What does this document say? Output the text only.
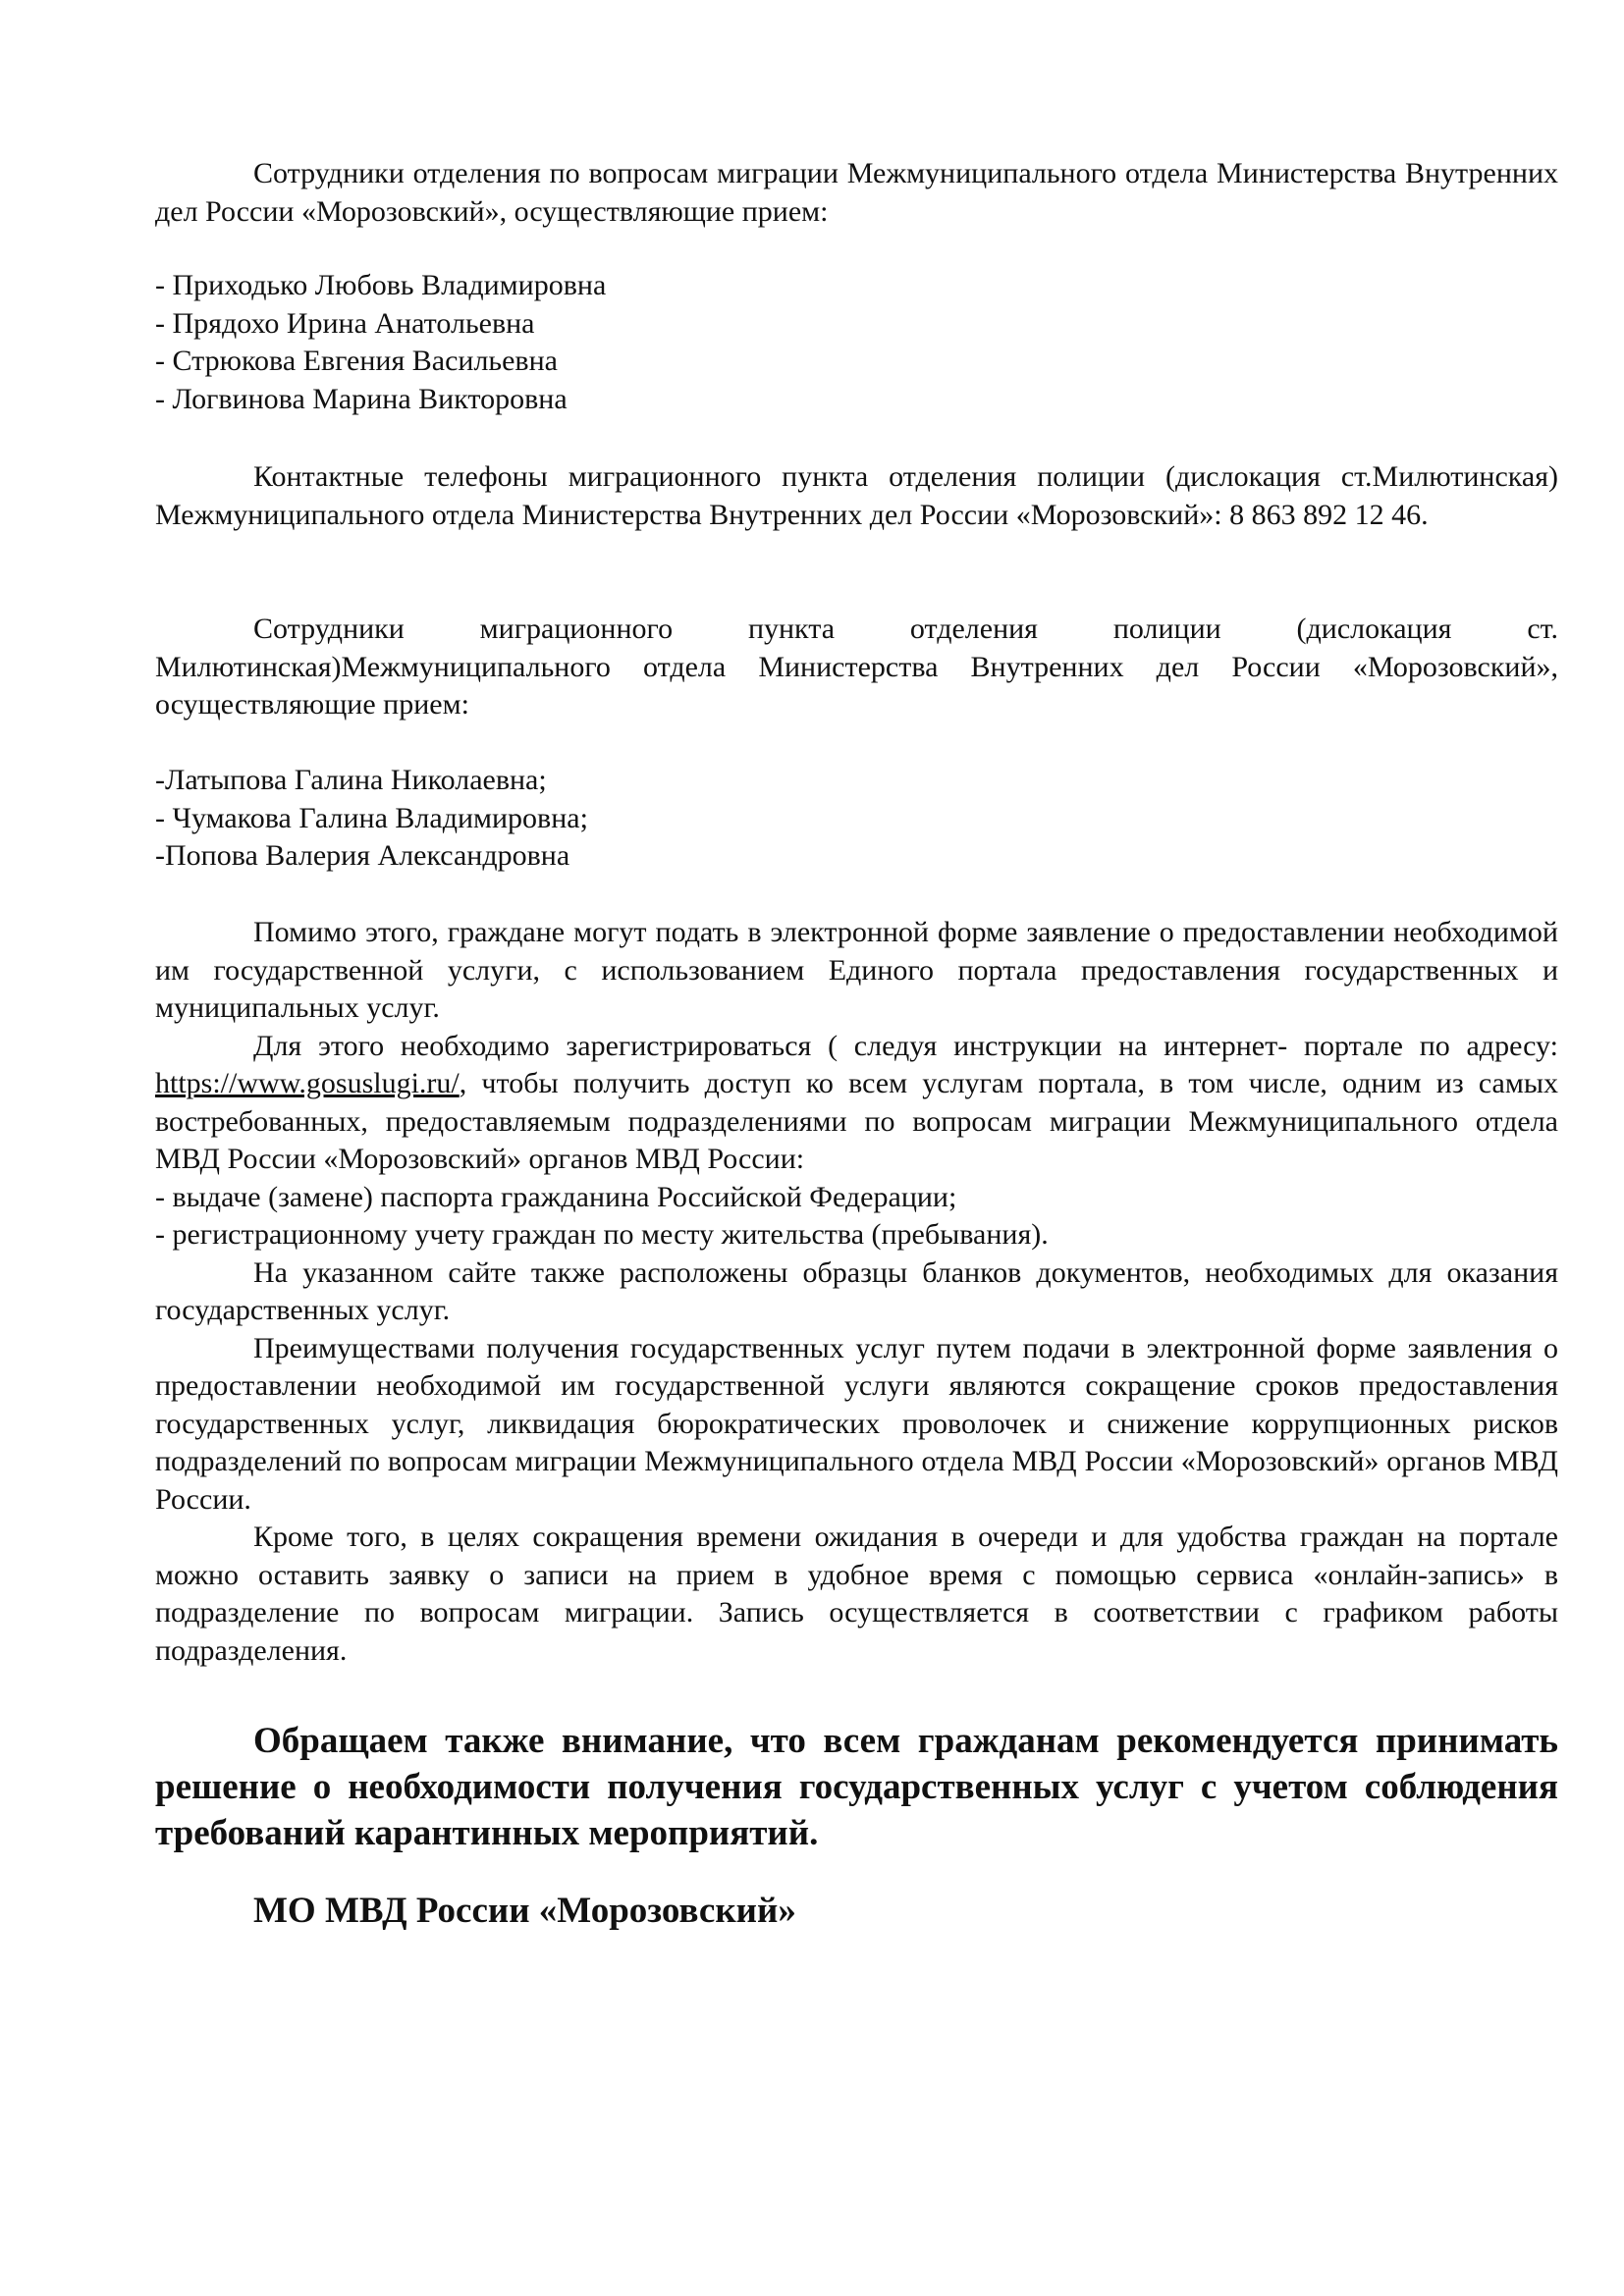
Сотрудники отделения по вопросам миграции Межмуниципального отдела Министерства Внутренних дел России «Морозовский», осуществляющие прием:

- Приходько Любовь Владимировна
- Прядохо Ирина Анатольевна
- Стрюкова Евгения Васильевна
- Логвинова Марина Викторовна

Контактные телефоны миграционного пункта отделения полиции (дислокация ст.Милютинская) Межмуниципального отдела Министерства Внутренних дел России «Морозовский»: 8 863 892 12 46.

Сотрудники миграционного пункта отделения полиции (дислокация ст. Милютинская)Межмуниципального отдела Министерства Внутренних дел России «Морозовский», осуществляющие прием:

-Латыпова Галина Николаевна;
- Чумакова Галина Владимировна;
-Попова Валерия Александровна

Помимо этого, граждане могут подать в электронной форме заявление о предоставлении необходимой им государственной услуги, с использованием Единого портала предоставления государственных и муниципальных услуг.

Для этого необходимо зарегистрироваться ( следуя инструкции на интернет- портале по адресу: https://www.gosuslugi.ru/, чтобы получить доступ ко всем услугам портала, в том числе, одним из самых востребованных, предоставляемым подразделениями по вопросам миграции Межмуниципального отдела МВД России «Морозовский» органов МВД России:

- выдаче (замене) паспорта гражданина Российской Федерации;
- регистрационному учету граждан по месту жительства (пребывания).

На указанном сайте также расположены образцы бланков документов, необходимых для оказания государственных услуг.

Преимуществами получения государственных услуг путем подачи в электронной форме заявления о предоставлении необходимой им государственной услуги являются сокращение сроков предоставления государственных услуг, ликвидация бюрократических проволочек и снижение коррупционных рисков подразделений по вопросам миграции Межмуниципального отдела МВД России «Морозовский» органов МВД России.

Кроме того, в целях сокращения времени ожидания в очереди и для удобства граждан на портале можно оставить заявку о записи на прием в удобное время с помощью сервиса «онлайн-запись» в подразделение по вопросам миграции. Запись осуществляется в соответствии с графиком работы подразделения.

Обращаем также внимание, что всем гражданам рекомендуется принимать решение о необходимости получения государственных услуг с учетом соблюдения требований карантинных мероприятий.

МО МВД России «Морозовский»
